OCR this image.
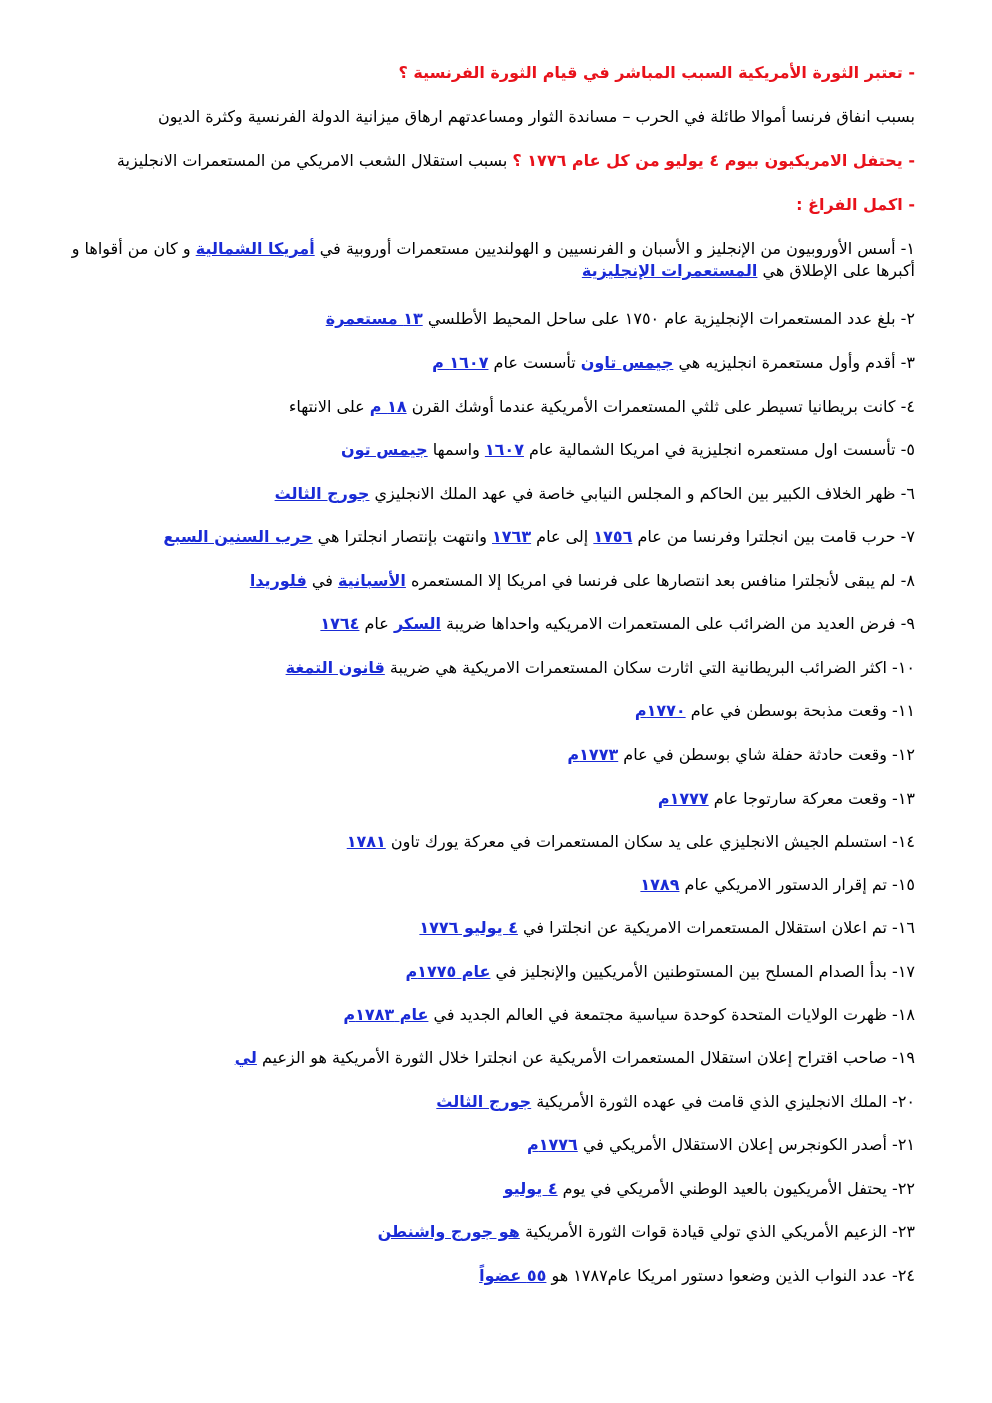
- تعتبر الثورة الأمريكية السبب المباشر في قيام الثورة الفرنسية ؟
بسبب انفاق فرنسا أموالا طائلة في الحرب – مساندة الثوار ومساعدتهم ارهاق ميزانية الدولة الفرنسية وكثرة الديون
- يحتفل الامريكيون بيوم ٤ يوليو من كل عام ١٧٧٦ ؟ بسبب استقلال الشعب الامريكي من المستعمرات الانجليزية
- اكمل الفراغ :
١- أسس الأوروبيون من الإنجليز و الأسبان و الفرنسيين و الهولنديين مستعمرات أوروبية في أمريكا الشمالية و كان من أقواها و أكبرها على الإطلاق هي المستعمرات الإنجليزية
٢- بلغ عدد المستعمرات الإنجليزية عام ١٧٥٠ على ساحل المحيط الأطلسي ١٣ مستعمرة
٣- أقدم وأول مستعمرة انجليزيه هي جيمس تاون تأسست عام ١٦٠٧ م
٤- كانت بريطانيا تسيطر على ثلثي المستعمرات الأمريكية عندما أوشك القرن ١٨ م على الانتهاء
٥- تأسست اول مستعمره انجليزية في امريكا الشمالية عام ١٦٠٧ واسمها جيمس تون
٦- ظهر الخلاف الكبير بين الحاكم و المجلس النيابي خاصة في عهد الملك الانجليزي جورج الثالث
٧- حرب قامت بين انجلترا وفرنسا من عام ١٧٥٦ إلى عام ١٧٦٣ وانتهت بإنتصار انجلترا هي حرب السنين السبع
٨- لم يبقى لأنجلترا منافس بعد انتصارها على فرنسا في امريكا إلا المستعمره الأسبانية في فلوريدا
٩- فرض العديد من الضرائب على المستعمرات الامريكيه واحداها ضريبة السكر عام ١٧٦٤
١٠- اكثر الضرائب البريطانية التي اثارت سكان المستعمرات الامريكية هي ضريبة قانون التمغة
١١- وقعت مذبحة بوسطن في عام ١٧٧٠م
١٢- وقعت حادثة حفلة شاي بوسطن في عام ١٧٧٣م
١٣- وقعت معركة سارتوجا عام ١٧٧٧م
١٤- استسلم الجيش الانجليزي على يد سكان المستعمرات في معركة يورك تاون ١٧٨١
١٥- تم إقرار الدستور الامريكي عام ١٧٨٩
١٦- تم اعلان استقلال المستعمرات الامريكية عن انجلترا في ٤ يوليو ١٧٧٦
١٧- بدأ الصدام المسلح بين المستوطنين الأمريكيين والإنجليز في عام ١٧٧٥م
١٨- ظهرت الولايات المتحدة كوحدة سياسية مجتمعة في العالم الجديد في عام ١٧٨٣م
١٩- صاحب اقتراح إعلان استقلال المستعمرات الأمريكية عن انجلترا خلال الثورة الأمريكية هو الزعيم لي
٢٠- الملك الانجليزي الذي قامت في عهده الثورة الأمريكية جورج الثالث
٢١- أصدر الكونجرس إعلان الاستقلال الأمريكي في ١٧٧٦م
٢٢- يحتفل الأمريكيون بالعيد الوطني الأمريكي في يوم ٤ يوليو
٢٣- الزعيم الأمريكي الذي تولي قيادة قوات الثورة الأمريكية هو جورج واشنطن
٢٤- عدد النواب الذين وضعوا دستور امريكا عام١٧٨٧ هو ٥٥ عضواً
